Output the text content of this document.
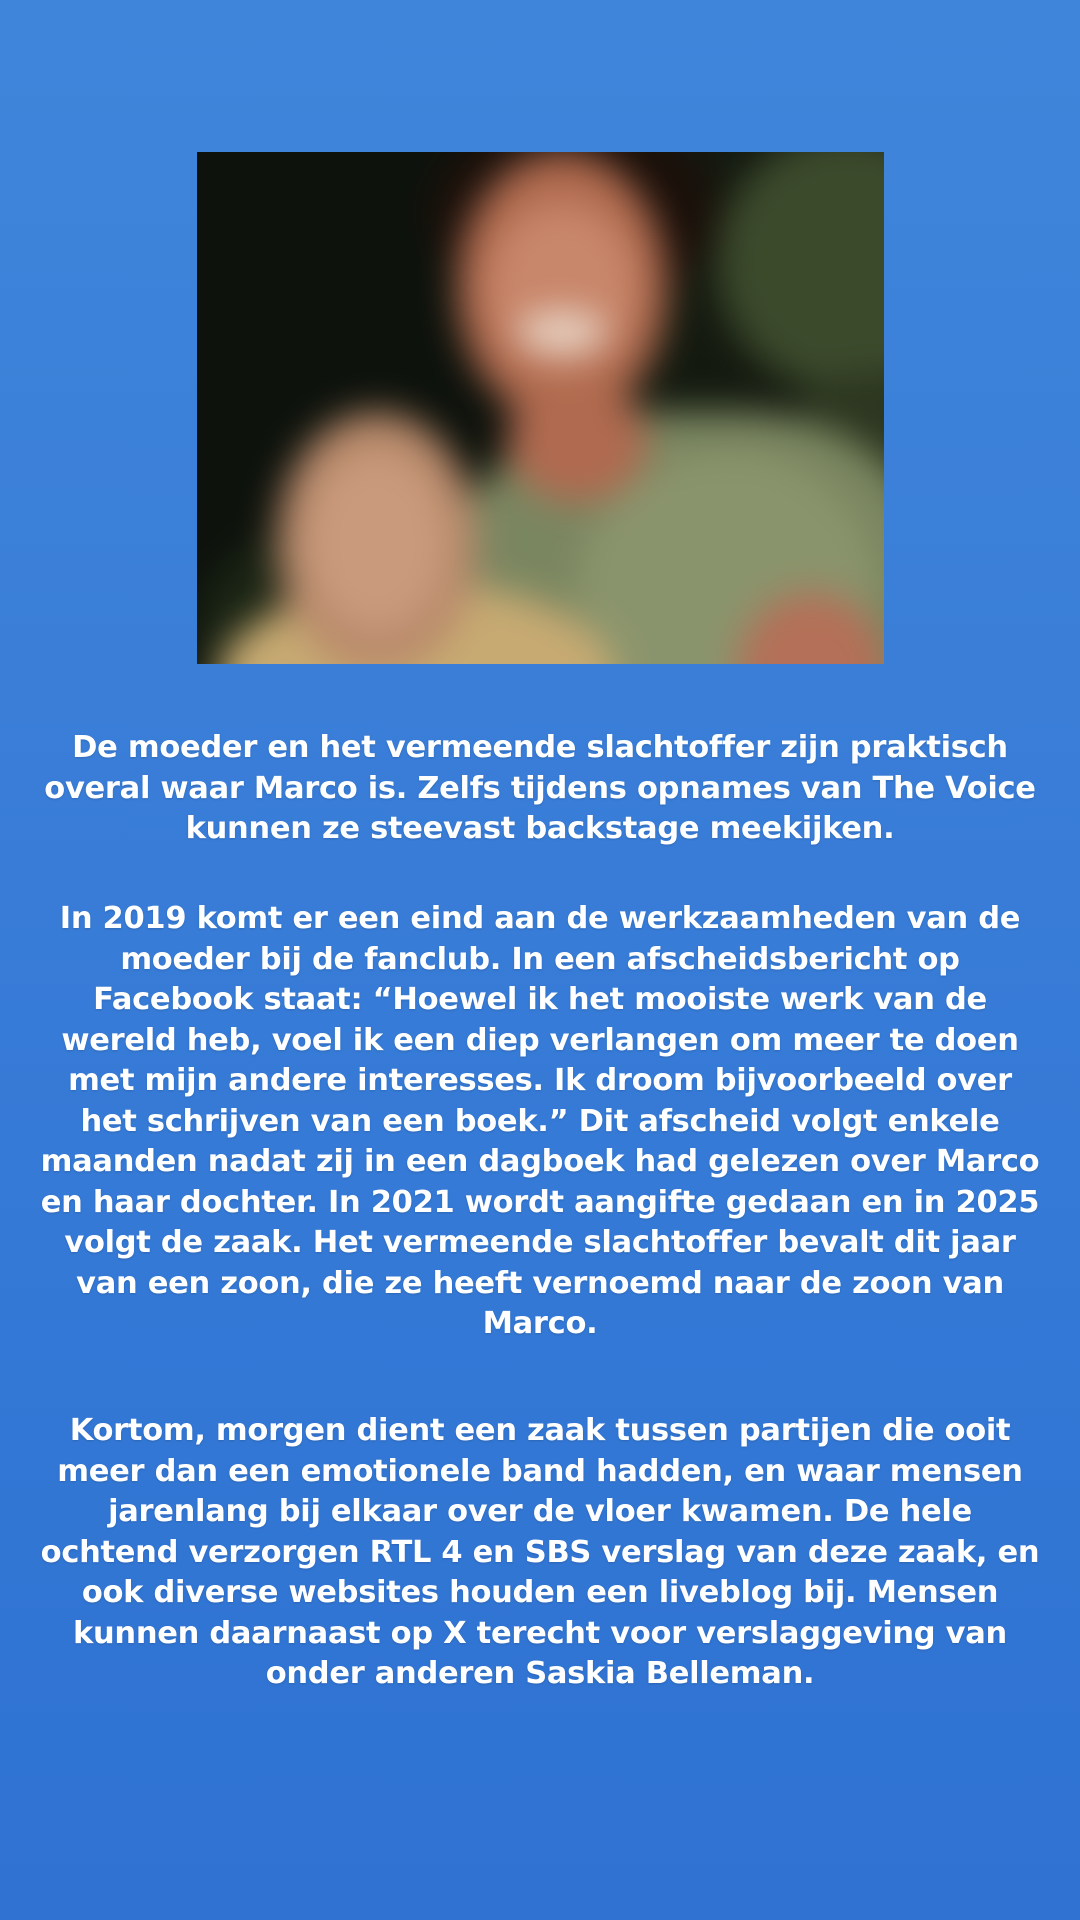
De moeder en het vermeende slachtoffer zijn praktisch overal waar Marco is. Zelfs tijdens opnames van The Voice kunnen ze steevast backstage meekijken.

In 2019 komt er een eind aan de werkzaamheden van de moeder bij de fanclub. In een afscheidsbericht op Facebook staat: “Hoewel ik het mooiste werk van de wereld heb, voel ik een diep verlangen om meer te doen met mijn andere interesses. Ik droom bijvoorbeeld over het schrijven van een boek.” Dit afscheid volgt enkele maanden nadat zij in een dagboek had gelezen over Marco en haar dochter. In 2021 wordt aangifte gedaan en in 2025 volgt de zaak. Het vermeende slachtoffer bevalt dit jaar van een zoon, die ze heeft vernoemd naar de zoon van Marco.

Kortom, morgen dient een zaak tussen partijen die ooit meer dan een emotionele band hadden, en waar mensen jarenlang bij elkaar over de vloer kwamen. De hele ochtend verzorgen RTL 4 en SBS verslag van deze zaak, en ook diverse websites houden een liveblog bij. Mensen kunnen daarnaast op X terecht voor verslaggeving van onder anderen Saskia Belleman.
